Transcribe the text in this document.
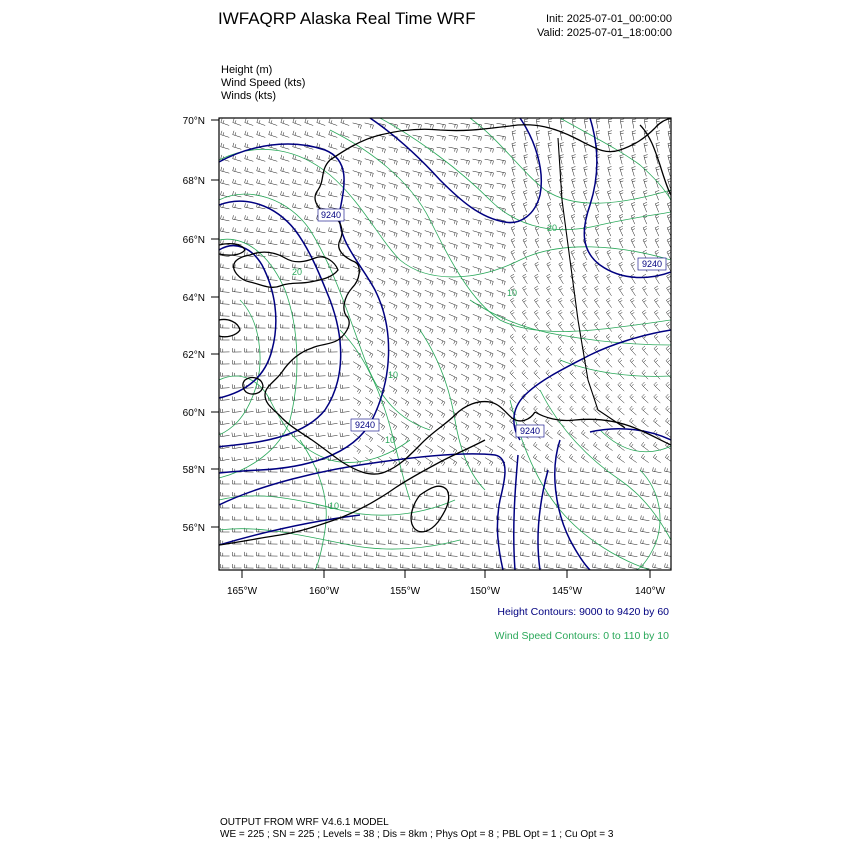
IWFAQRP Alaska Real Time WRF	Init: 2025-07-01_00:00:00
Valid: 2025-07-01_18:00:00
Height (m)
Wind Speed (kts)
Winds (kts)
9240
9240
9240
9240
20
20
10
10
10
10
70°N
68°N
66°N
64°N
62°N
60°N
58°N
56°N
165°W	160°W	155°W	150°W	145°W	140°W
Height Contours: 9000 to 9420 by 60
Wind Speed Contours: 0 to 110 by 10
OUTPUT FROM WRF V4.6.1 MODEL
WE = 225 ; SN = 225 ; Levels = 38 ; Dis = 8km ; Phys Opt = 8 ; PBL Opt = 1 ; Cu Opt = 3
